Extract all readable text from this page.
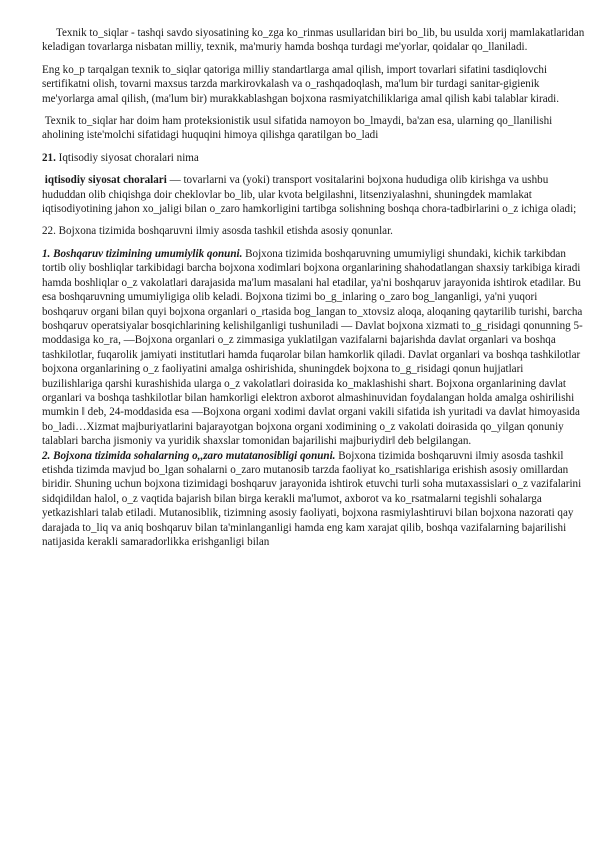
Texnik to_siqlar - tashqi savdo siyosatining ko_zga ko_rinmas usullaridan biri bo_lib, bu usulda xorij mamlakatlaridan keladigan tovarlarga nisbatan milliy, texnik, ma'muriy hamda boshqa turdagi me'yorlar, qoidalar qo_llaniladi.

Eng ko_p tarqalgan texnik to_siqlar qatoriga milliy standartlarga amal qilish, import tovarlari sifatini tasdiqlovchi sertifikatni olish, tovarni maxsus tarzda markirovkalash va o_rashqadoqlash, ma'lum bir turdagi sanitar-gigienik me'yorlarga amal qilish, (ma'lum bir) murakkablashgan bojxona rasmiyatchiliklariga amal qilish kabi talablar kiradi.

Texnik to_siqlar har doim ham proteksionistik usul sifatida namoyon bo_lmaydi, ba'zan esa, ularning qo_llanilishi aholining iste'molchi sifatidagi huquqini himoya qilishga qaratilgan bo_ladi

21. Iqtisodiy siyosat choralari nima

iqtisodiy siyosat choralari — tovarlarni va (yoki) transport vositalarini bojxona hududiga olib kirishga va ushbu hududdan olib chiqishga doir cheklovlar bo_lib, ular kvota belgilashni, litsenziyalashni, shuningdek mamlakat iqtisodiyotining jahon xo_jaligi bilan o_zaro hamkorligini tartibga solishning boshqa chora-tadbirlarini o_z ichiga oladi;

22. Bojxona tizimida boshqaruvni ilmiy asosda tashkil etishda asosiy qonunlar.

1. Boshqaruv tizimining umumiylik qonuni. Bojxona tizimida boshqaruvning umumiyligi shundaki, kichik tarkibdan tortib oliy boshliqlar tarkibidagi barcha bojxona xodimlari bojxona organlarining shahodatlangan shaxsiy tarkibiga kiradi hamda boshliqlar o_z vakolatlari darajasida ma'lum masalani hal etadilar, ya'ni boshqaruv jarayonida ishtirok etadilar. Bu esa boshqaruvning umumiyligiga olib keladi. Bojxona tizimi bo_g_inlaring o_zaro bog_langanligi, ya'ni yuqori boshqaruv organi bilan quyi bojxona organlari o_rtasida bog_langan to_xtovsiz aloqa, aloqaning qaytarilib turishi, barcha boshqaruv operatsiyalar bosqichlarining kelishilganligi tushuniladi ― Davlat bojxona xizmati to_g_risidagi qonunning 5-moddasiga ko_ra, ―Bojxona organlari o_z zimmasiga yuklatilgan vazifalarni bajarishda davlat organlari va boshqa tashkilotlar, fuqarolik jamiyati institutlari hamda fuqarolar bilan hamkorlik qiladi. Davlat organlari va boshqa tashkilotlar bojxona organlarining o_z faoliyatini amalga oshirishida, shuningdek bojxona to_g_risidagi qonun hujjatlari buzilishlariga qarshi kurashishida ularga o_z vakolatlari doirasida ko_maklashishi shart. Bojxona organlarining davlat organlari va boshqa tashkilotlar bilan hamkorligi elektron axborot almashinuvidan foydalangan holda amalga oshirilishi mumkin ‖ deb, 24-moddasida esa ―Bojxona organi xodimi davlat organi vakili sifatida ish yuritadi va davlat himoyasida bo_ladi…Xizmat majburiyatlarini bajarayotgan bojxona organi xodimining o_z vakolati doirasida qo_yilgan qonuniy talablari barcha jismoniy va yuridik shaxslar tomonidan bajarilishi majburiydir‖ deb belgilangan.

2. Bojxona tizimida sohalarning o,,zaro mutatanosibligi qonuni. Bojxona tizimida boshqaruvni ilmiy asosda tashkil etishda tizimda mavjud bo_lgan sohalarni o_zaro mutanosib tarzda faoliyat ko_rsatishlariga erishish asosiy omillardan biridir. Shuning uchun bojxona tizimidagi boshqaruv jarayonida ishtirok etuvchi turli soha mutaxassislari o_z vazifalarini sidqidildan halol, o_z vaqtida bajarish bilan birga kerakli ma'lumot, axborot va ko_rsatmalarni tegishli sohalarga yetkazishlari talab etiladi. Mutanosiblik, tizimning asosiy faoliyati, bojxona rasmiylashtiruvi bilan bojxona nazorati qay darajada to_liq va aniq boshqaruv bilan ta'minlanganligi hamda eng kam xarajat qilib, boshqa vazifalarning bajarilishi natijasida kerakli samaradorlikka erishganligi bilan
